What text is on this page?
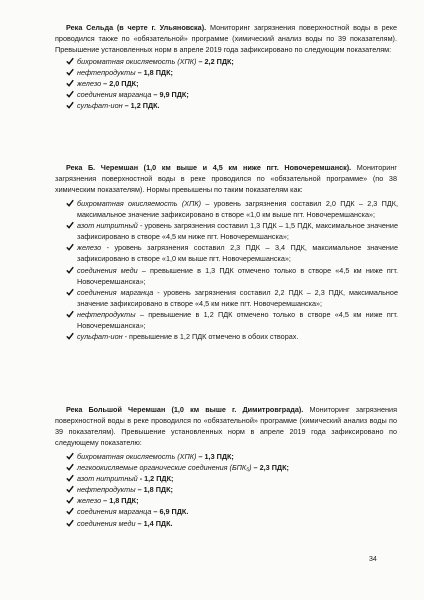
Река Сельда (в черте г. Ульяновска). Мониторинг загрязнения поверхностной воды в реке проводился также по «обязательной» программе (химический анализ воды по 39 показателям). Превышение установленных норм в апреле 2019 года зафиксировано по следующим показателям:

бихроматная окисляемость (ХПК) – 2,2 ПДК;
нефтепродукты – 1,8 ПДК;
железо – 2,0 ПДК;
соединения марганца – 9,9 ПДК;
сульфат-ион – 1,2 ПДК.

Река Б. Черемшан (1,0 км выше и 4,5 км ниже пгт. Новочеремшанск). Мониторинг загрязнения поверхностной воды в реке проводился по «обязательной программе» (по 38 химическим показателям). Нормы превышены по таким показателям как:

бихроматная окисляемость (ХПК) – уровень загрязнения составил 2,0 ПДК – 2,3 ПДК, максимальное значение зафиксировано в створе «1,0 км выше пгт. Новочеремшанска»;
азот нитритный - уровень загрязнения составил 1,3 ПДК – 1,5 ПДК, максимальное значение зафиксировано в створе «4,5 км ниже пгт. Новочеремшанска»;
железо - уровень загрязнения составил 2,3 ПДК – 3,4 ПДК, максимальное значение зафиксировано в створе «1,0 км выше пгт. Новочеремшанска»;
соединения меди – превышение в 1,3 ПДК отмечено только в створе «4,5 км ниже пгт. Новочеремшанска»;
соединения марганца - уровень загрязнения составил 2,2 ПДК – 2,3 ПДК, максимальное значение зафиксировано в створе «4,5 км ниже пгт. Новочеремшанска»;
нефтепродукты – превышение в 1,2 ПДК отмечено только в створе «4,5 км ниже пгт. Новочеремшанска»;
сульфат-ион - превышение в 1,2 ПДК отмечено в обоих створах.

Река Большой Черемшан (1,0 км выше г. Димитровграда). Мониторинг загрязнения поверхностной воды в реке проводился по «обязательной» программе (химический анализ воды по 39 показателям). Превышение установленных норм в апреле 2019 года зафиксировано по следующему показателю:

бихроматная окисляемость (ХПК) – 1,3 ПДК;
легкоокисляемые органические соединения (БПК₅) – 2,3 ПДК;
азот нитритный - 1,2 ПДК;
нефтепродукты – 1,8 ПДК;
железо – 1,8 ПДК;
соединения марганца – 6,9 ПДК.
соединения меди – 1,4 ПДК.
34
